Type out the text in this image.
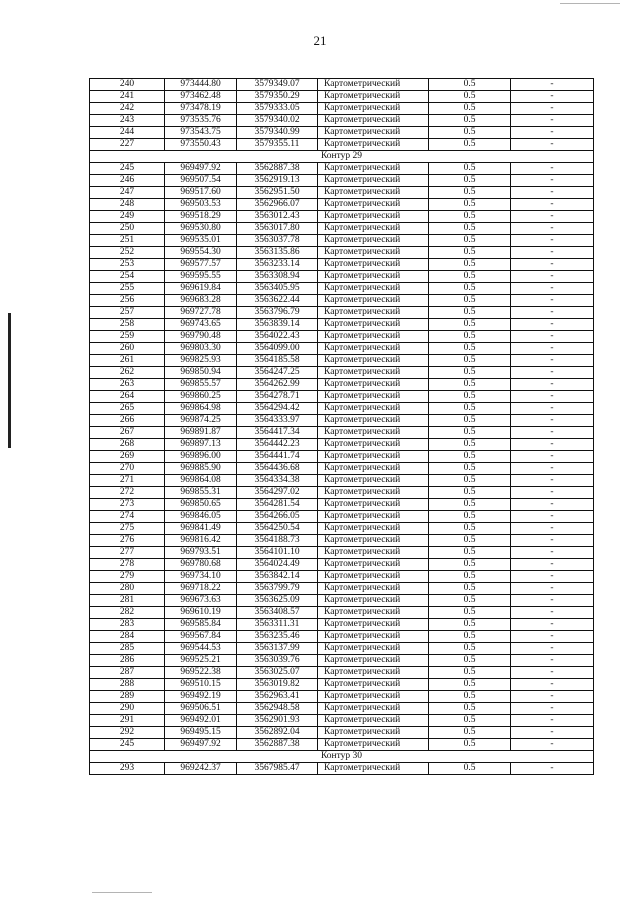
21
240	973444.80	3579349.07	Картометрический	0.5	-
241	973462.48	3579350.29	Картометрический	0.5	-
242	973478.19	3579333.05	Картометрический	0.5	-
243	973535.76	3579340.02	Картометрический	0.5	-
244	973543.75	3579340.99	Картометрический	0.5	-
227	973550.43	3579355.11	Картометрический	0.5	-
Контур 29					
245	969497.92	3562887.38	Картометрический	0.5	-
246	969507.54	3562919.13	Картометрический	0.5	-
247	969517.60	3562951.50	Картометрический	0.5	-
248	969503.53	3562966.07	Картометрический	0.5	-
249	969518.29	3563012.43	Картометрический	0.5	-
250	969530.80	3563017.80	Картометрический	0.5	-
251	969535.01	3563037.78	Картометрический	0.5	-
252	969554.30	3563135.86	Картометрический	0.5	-
253	969577.57	3563233.14	Картометрический	0.5	-
254	969595.55	3563308.94	Картометрический	0.5	-
255	969619.84	3563405.95	Картометрический	0.5	-
256	969683.28	3563622.44	Картометрический	0.5	-
257	969727.78	3563796.79	Картометрический	0.5	-
258	969743.65	3563839.14	Картометрический	0.5	-
259	969790.48	3564022.43	Картометрический	0.5	-
260	969803.30	3564099.00	Картометрический	0.5	-
261	969825.93	3564185.58	Картометрический	0.5	-
262	969850.94	3564247.25	Картометрический	0.5	-
263	969855.57	3564262.99	Картометрический	0.5	-
264	969860.25	3564278.71	Картометрический	0.5	-
265	969864.98	3564294.42	Картометрический	0.5	-
266	969874.25	3564333.97	Картометрический	0.5	-
267	969891.87	3564417.34	Картометрический	0.5	-
268	969897.13	3564442.23	Картометрический	0.5	-
269	969896.00	3564441.74	Картометрический	0.5	-
270	969885.90	3564436.68	Картометрический	0.5	-
271	969864.08	3564334.38	Картометрический	0.5	-
272	969855.31	3564297.02	Картометрический	0.5	-
273	969850.65	3564281.54	Картометрический	0.5	-
274	969846.05	3564266.05	Картометрический	0.5	-
275	969841.49	3564250.54	Картометрический	0.5	-
276	969816.42	3564188.73	Картометрический	0.5	-
277	969793.51	3564101.10	Картометрический	0.5	-
278	969780.68	3564024.49	Картометрический	0.5	-
279	969734.10	3563842.14	Картометрический	0.5	-
280	969718.22	3563799.79	Картометрический	0.5	-
281	969673.63	3563625.09	Картометрический	0.5	-
282	969610.19	3563408.57	Картометрический	0.5	-
283	969585.84	3563311.31	Картометрический	0.5	-
284	969567.84	3563235.46	Картометрический	0.5	-
285	969544.53	3563137.99	Картометрический	0.5	-
286	969525.21	3563039.76	Картометрический	0.5	-
287	969522.38	3563025.07	Картометрический	0.5	-
288	969510.15	3563019.82	Картометрический	0.5	-
289	969492.19	3562963.41	Картометрический	0.5	-
290	969506.51	3562948.58	Картометрический	0.5	-
291	969492.01	3562901.93	Картометрический	0.5	-
292	969495.15	3562892.04	Картометрический	0.5	-
245	969497.92	3562887.38	Картометрический	0.5	-
Контур 30					
293	969242.37	3567985.47	Картометрический	0.5	-
